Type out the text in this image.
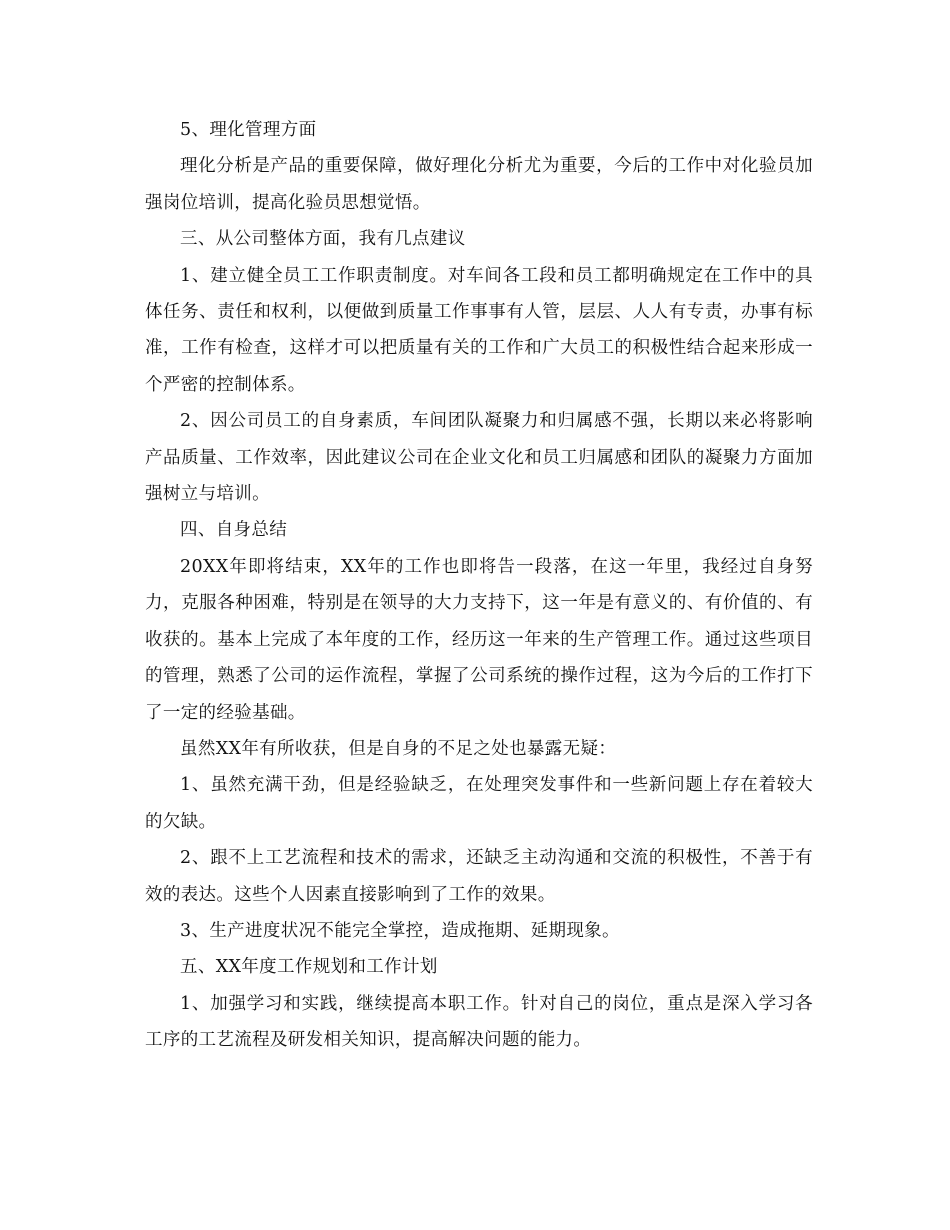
5、理化管理方面

理化分析是产品的重要保障，做好理化分析尤为重要，今后的工作中对化验员加强岗位培训，提高化验员思想觉悟。

三、从公司整体方面，我有几点建议

1、建立健全员工工作职责制度。对车间各工段和员工都明确规定在工作中的具体任务、责任和权利，以便做到质量工作事事有人管，层层、人人有专责，办事有标准，工作有检查，这样才可以把质量有关的工作和广大员工的积极性结合起来形成一个严密的控制体系。

2、因公司员工的自身素质，车间团队凝聚力和归属感不强，长期以来必将影响产品质量、工作效率，因此建议公司在企业文化和员工归属感和团队的凝聚力方面加强树立与培训。

四、自身总结

20XX年即将结束，XX年的工作也即将告一段落，在这一年里，我经过自身努力，克服各种困难，特别是在领导的大力支持下，这一年是有意义的、有价值的、有收获的。基本上完成了本年度的工作，经历这一年来的生产管理工作。通过这些项目的管理，熟悉了公司的运作流程，掌握了公司系统的操作过程，这为今后的工作打下了一定的经验基础。

虽然XX年有所收获，但是自身的不足之处也暴露无疑：

1、虽然充满干劲，但是经验缺乏，在处理突发事件和一些新问题上存在着较大的欠缺。

2、跟不上工艺流程和技术的需求，还缺乏主动沟通和交流的积极性，不善于有效的表达。这些个人因素直接影响到了工作的效果。

3、生产进度状况不能完全掌控，造成拖期、延期现象。

五、XX年度工作规划和工作计划

1、加强学习和实践，继续提高本职工作。针对自己的岗位，重点是深入学习各工序的工艺流程及研发相关知识，提高解决问题的能力。
